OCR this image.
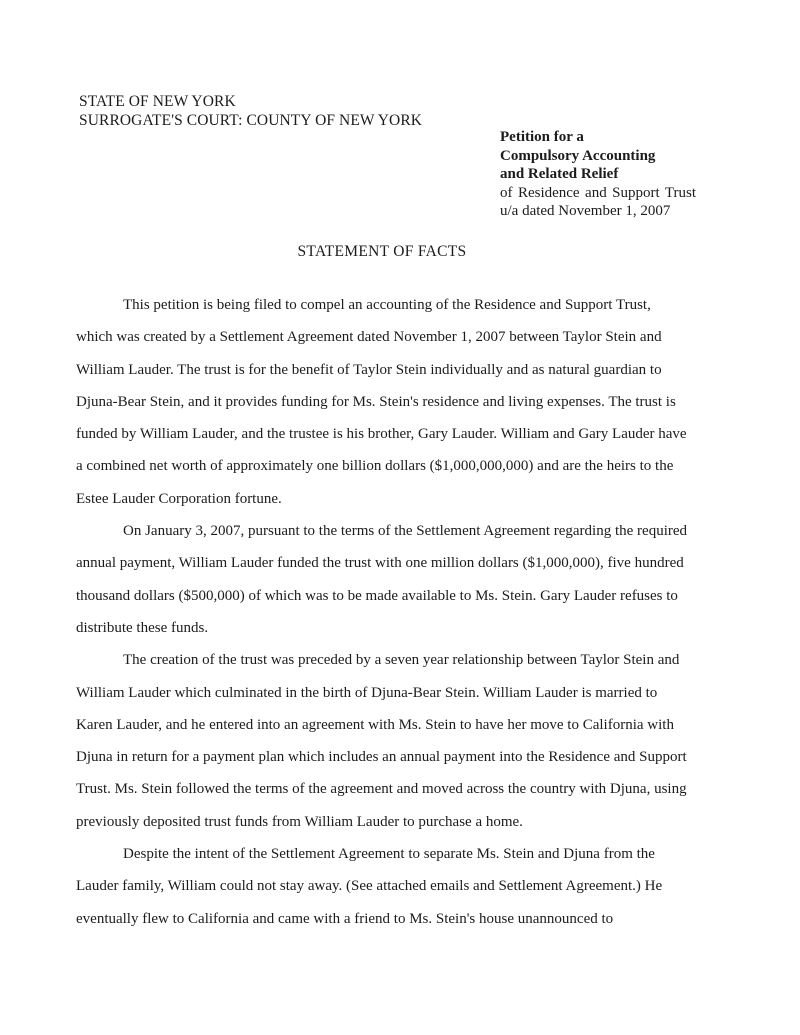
STATE OF NEW YORK
SURROGATE'S COURT: COUNTY OF NEW YORK
Petition for a
Compulsory Accounting
and Related Relief
of Residence and Support Trust u/a dated November 1, 2007
STATEMENT OF FACTS

This petition is being filed to compel an accounting of the Residence and Support Trust, which was created by a Settlement Agreement dated November 1, 2007 between Taylor Stein and William Lauder. The trust is for the benefit of Taylor Stein individually and as natural guardian to Djuna-Bear Stein, and it provides funding for Ms. Stein's residence and living expenses. The trust is funded by William Lauder, and the trustee is his brother, Gary Lauder. William and Gary Lauder have a combined net worth of approximately one billion dollars ($1,000,000,000) and are the heirs to the Estee Lauder Corporation fortune.

On January 3, 2007, pursuant to the terms of the Settlement Agreement regarding the required annual payment, William Lauder funded the trust with one million dollars ($1,000,000), five hundred thousand dollars ($500,000) of which was to be made available to Ms. Stein. Gary Lauder refuses to distribute these funds.

The creation of the trust was preceded by a seven year relationship between Taylor Stein and William Lauder which culminated in the birth of Djuna-Bear Stein. William Lauder is married to Karen Lauder, and he entered into an agreement with Ms. Stein to have her move to California with Djuna in return for a payment plan which includes an annual payment into the Residence and Support Trust. Ms. Stein followed the terms of the agreement and moved across the country with Djuna, using previously deposited trust funds from William Lauder to purchase a home.

Despite the intent of the Settlement Agreement to separate Ms. Stein and Djuna from the Lauder family, William could not stay away. (See attached emails and Settlement Agreement.) He eventually flew to California and came with a friend to Ms. Stein's house unannounced to
